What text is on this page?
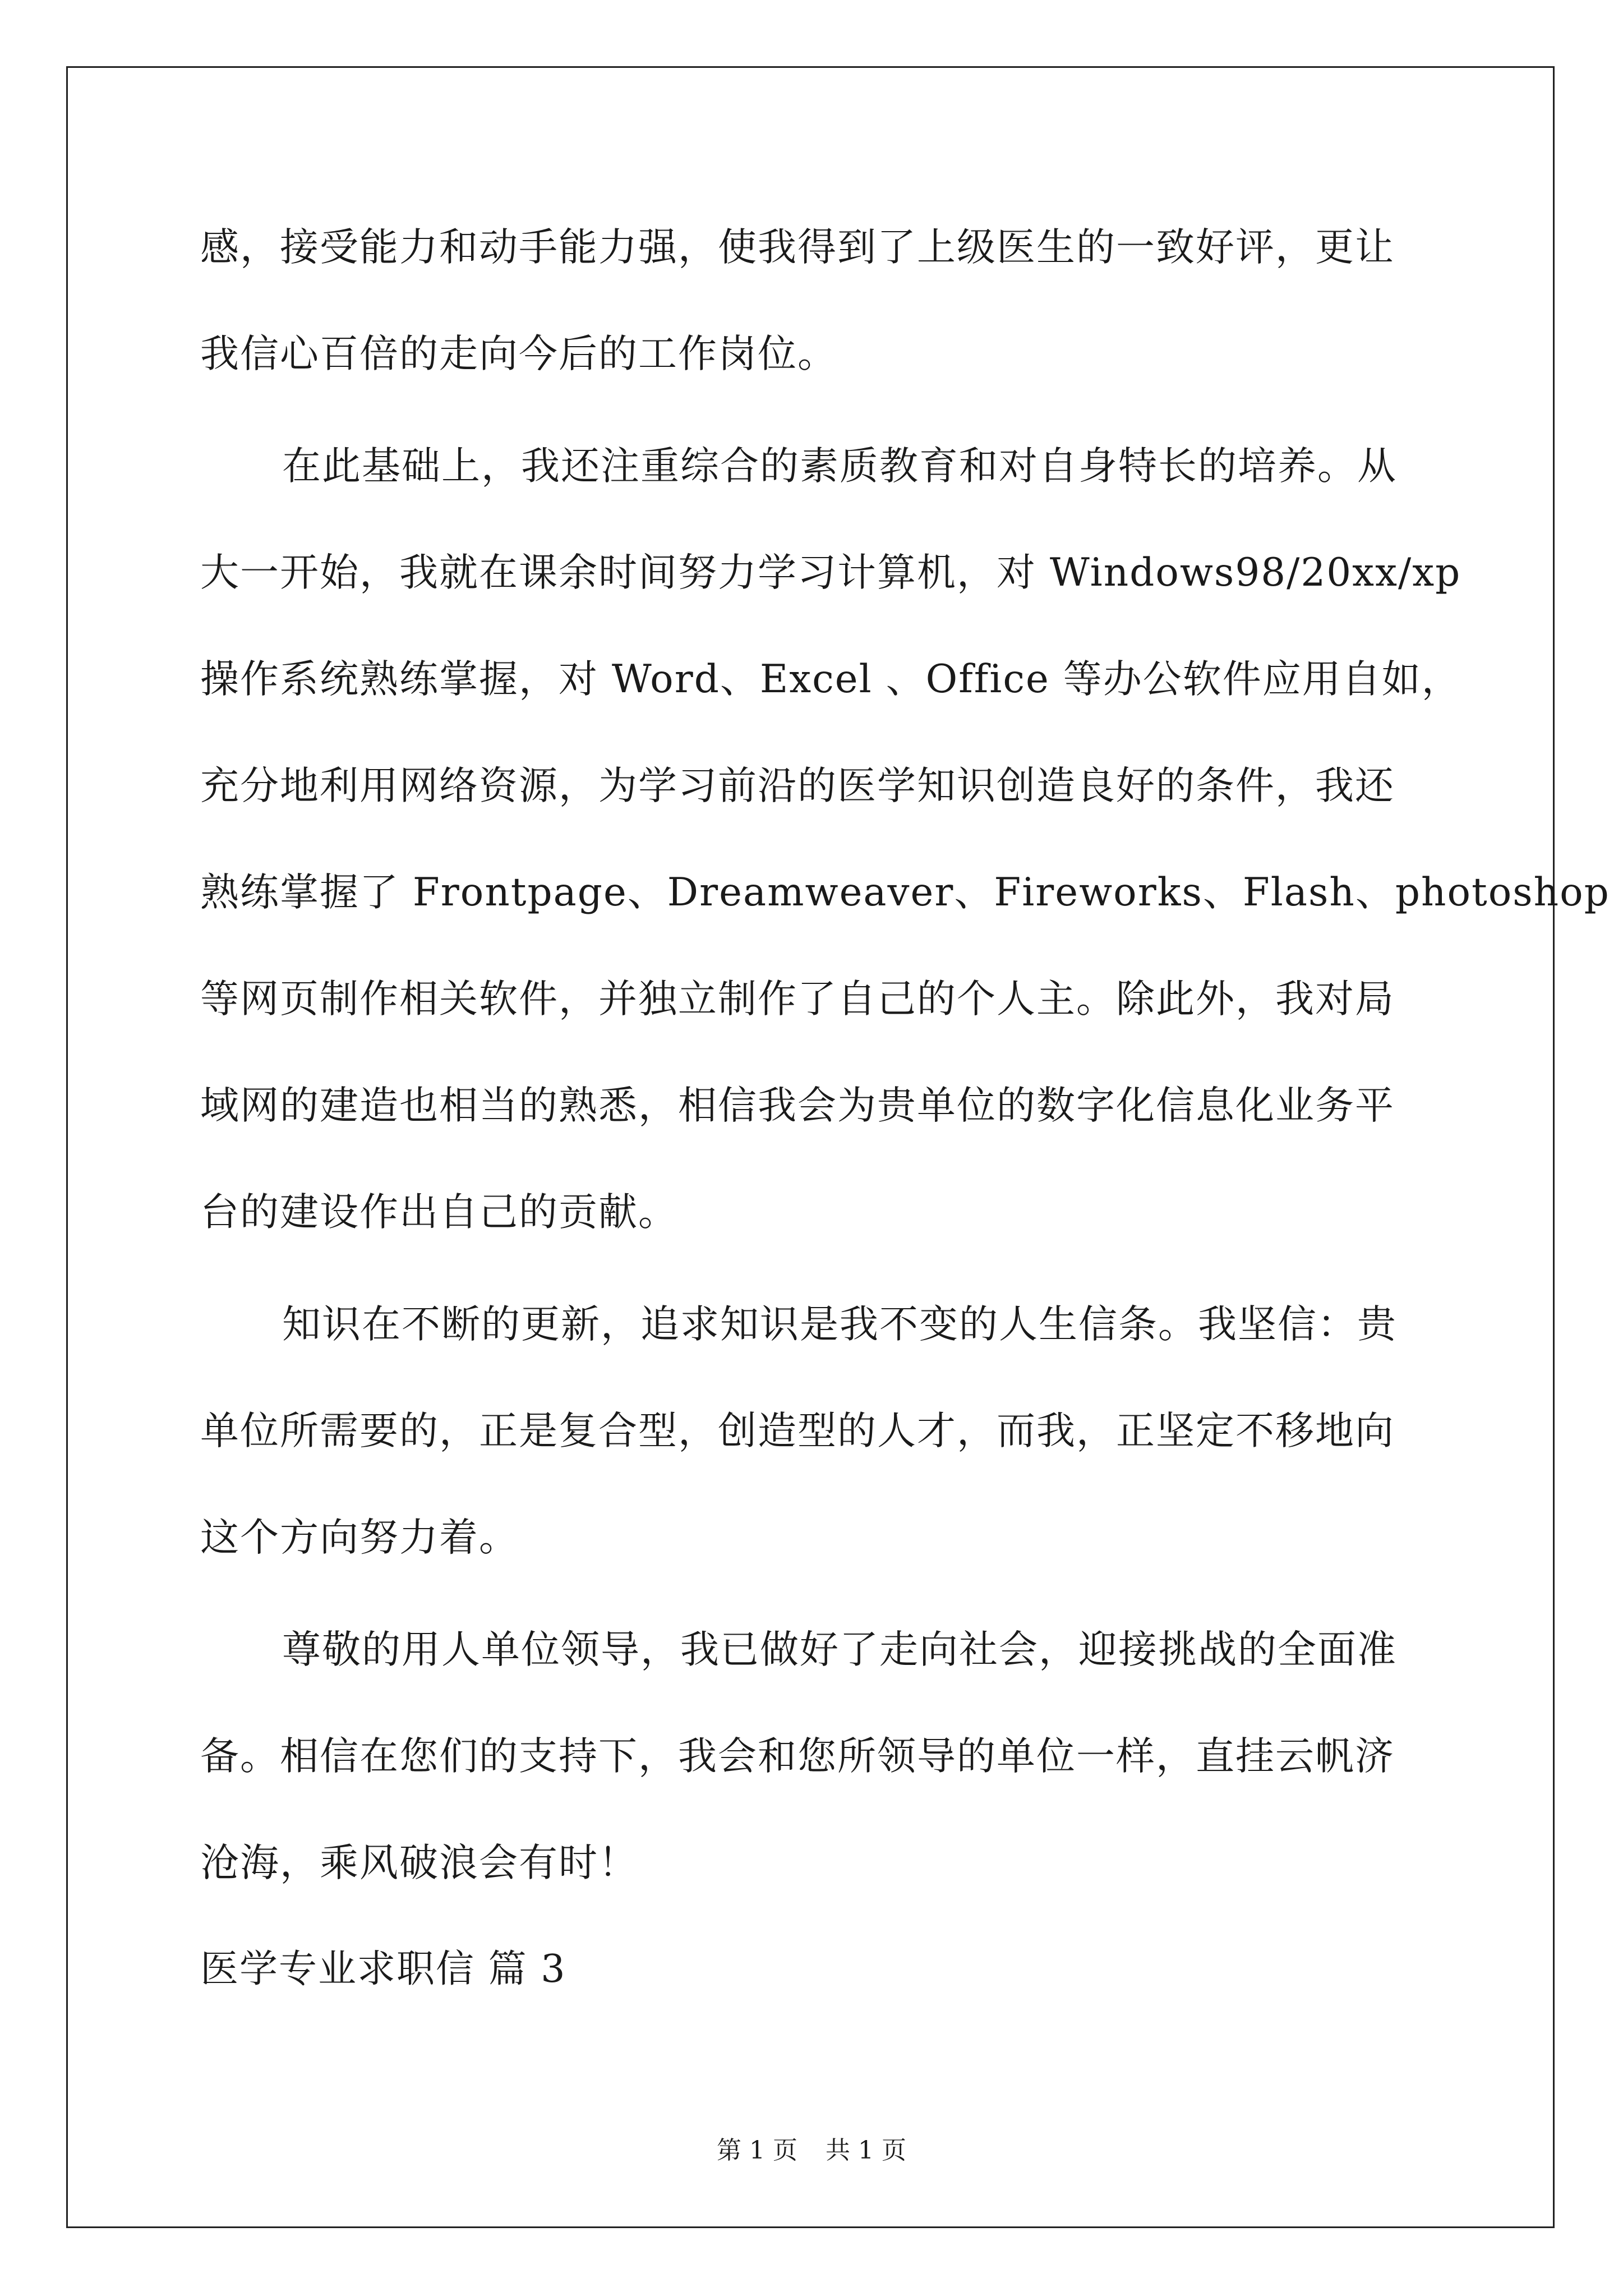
感，接受能力和动手能力强，使我得到了上级医生的一致好评，更让
我信心百倍的走向今后的工作岗位。
在此基础上，我还注重综合的素质教育和对自身特长的培养。从
大一开始，我就在课余时间努力学习计算机，对 Windows98/20xx/xp
操作系统熟练掌握，对 Word、Excel 、Office 等办公软件应用自如，
充分地利用网络资源，为学习前沿的医学知识创造良好的条件，我还
熟练掌握了 Frontpage、Dreamweaver、Fireworks、Flash、photoshop
等网页制作相关软件，并独立制作了自己的个人主。除此外，我对局
域网的建造也相当的熟悉，相信我会为贵单位的数字化信息化业务平
台的建设作出自己的贡献。
知识在不断的更新，追求知识是我不变的人生信条。我坚信：贵
单位所需要的，正是复合型，创造型的人才，而我，正坚定不移地向
这个方向努力着。
尊敬的用人单位领导，我已做好了走向社会，迎接挑战的全面准
备。相信在您们的支持下，我会和您所领导的单位一样，直挂云帆济
沧海，乘风破浪会有时！
医学专业求职信 篇 3
第 1 页 共 1 页
